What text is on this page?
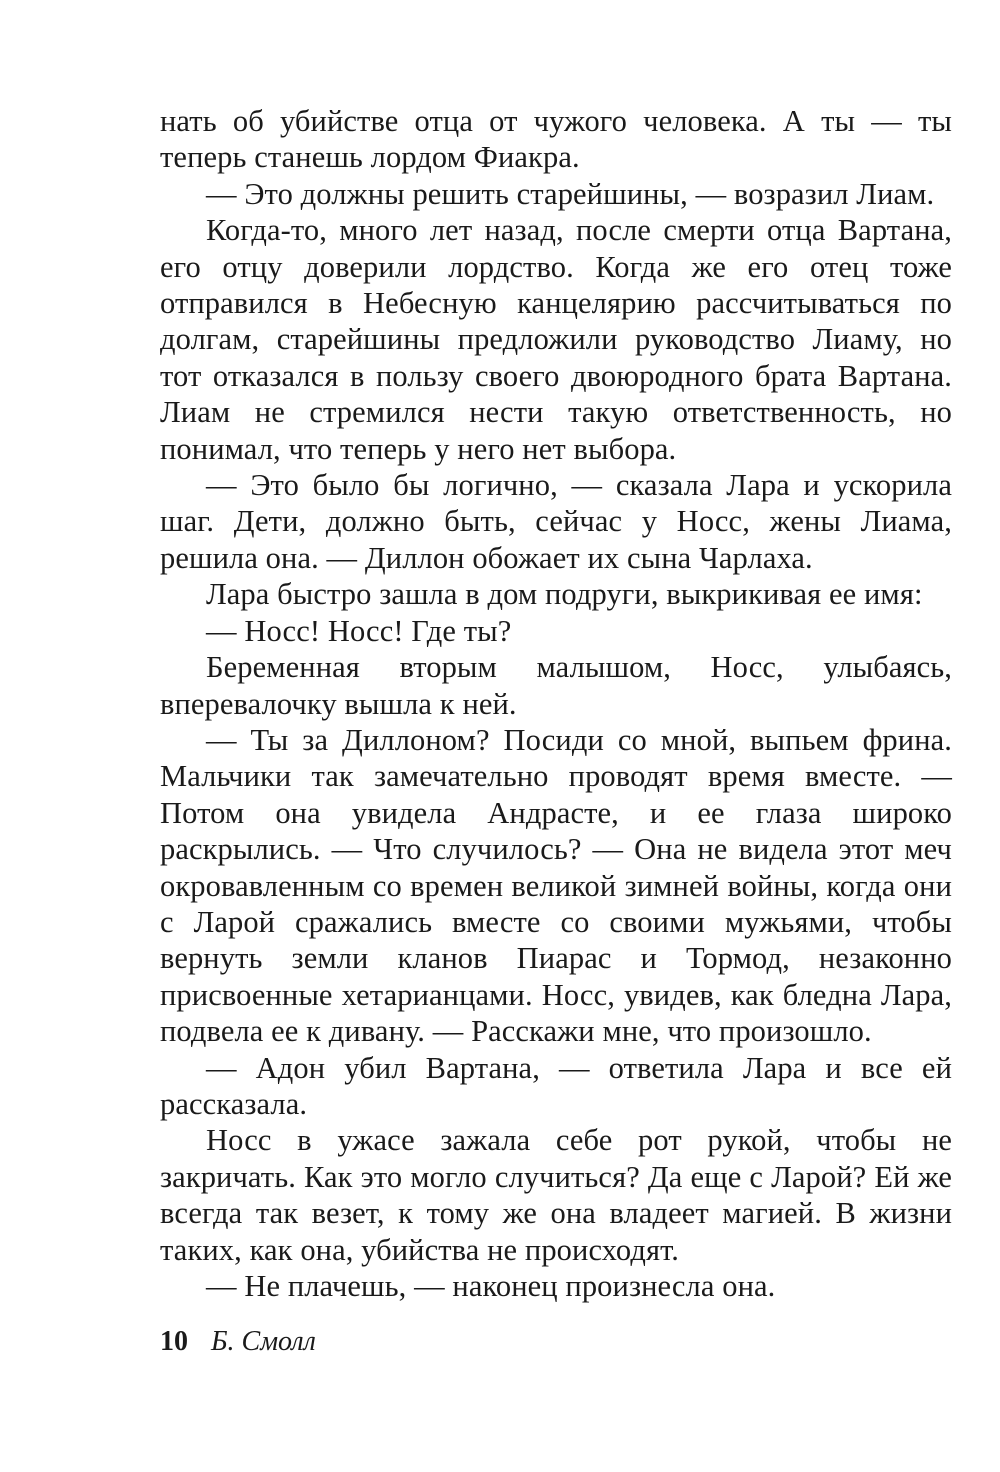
нать об убийстве отца от чужого человека. А ты — ты теперь станешь лордом Фиакра.

— Это должны решить старейшины, — возразил Лиам.

Когда-то, много лет назад, после смерти отца Вартана, его отцу доверили лордство. Когда же его отец тоже отправился в Небесную канцелярию рассчитываться по долгам, старейшины предложили руководство Лиаму, но тот отказался в пользу своего двоюродного брата Вартана. Лиам не стремился нести такую ответственность, но понимал, что теперь у него нет выбора.

— Это было бы логично, — сказала Лара и ускорила шаг. Дети, должно быть, сейчас у Носс, жены Лиама, решила она. — Диллон обожает их сына Чарлаха.

Лара быстро зашла в дом подруги, выкрикивая ее имя:

— Носс! Носс! Где ты?

Беременная вторым малышом, Носс, улыбаясь, вперевалочку вышла к ней.

— Ты за Диллоном? Посиди со мной, выпьем фрина. Мальчики так замечательно проводят время вместе. — Потом она увидела Андрасте, и ее глаза широко раскрылись. — Что случилось? — Она не видела этот меч окровавленным со времен великой зимней войны, когда они с Ларой сражались вместе со своими мужьями, чтобы вернуть земли кланов Пиарас и Тормод, незаконно присвоенные хетарианцами. Носс, увидев, как бледна Лара, подвела ее к дивану. — Расскажи мне, что произошло.

— Адон убил Вартана, — ответила Лара и все ей рассказала.

Носс в ужасе зажала себе рот рукой, чтобы не закричать. Как это могло случиться? Да еще с Ларой? Ей же всегда так везет, к тому же она владеет магией. В жизни таких, как она, убийства не происходят.

— Не плачешь, — наконец произнесла она.

10 Б. Смолл
